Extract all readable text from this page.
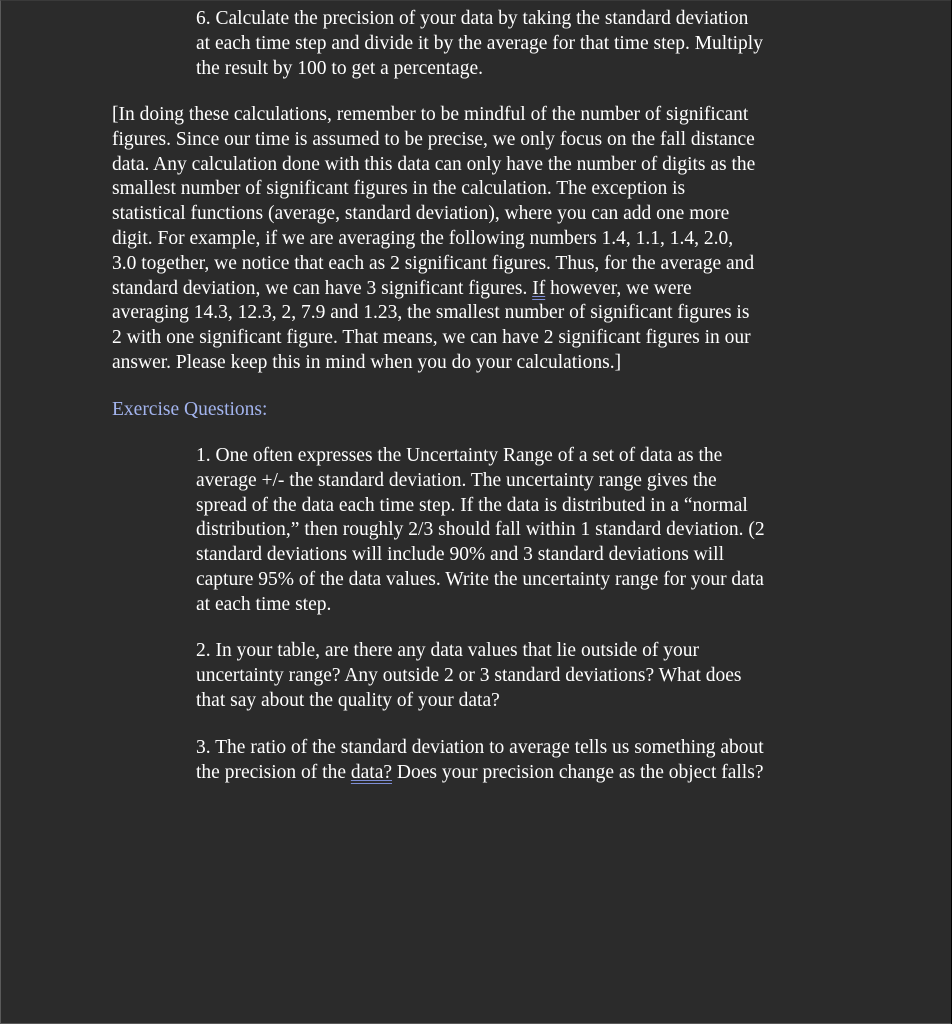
6. Calculate the precision of your data by taking the standard deviation
at each time step and divide it by the average for that time step. Multiply
the result by 100 to get a percentage.
[In doing these calculations, remember to be mindful of the number of significant
figures. Since our time is assumed to be precise, we only focus on the fall distance
data. Any calculation done with this data can only have the number of digits as the
smallest number of significant figures in the calculation. The exception is
statistical functions (average, standard deviation), where you can add one more
digit. For example, if we are averaging the following numbers 1.4, 1.1, 1.4, 2.0,
3.0 together, we notice that each as 2 significant figures. Thus, for the average and
standard deviation, we can have 3 significant figures. If however, we were
averaging 14.3, 12.3, 2, 7.9 and 1.23, the smallest number of significant figures is
2 with one significant figure. That means, we can have 2 significant figures in our
answer. Please keep this in mind when you do your calculations.]
Exercise Questions:
1. One often expresses the Uncertainty Range of a set of data as the
average +/- the standard deviation. The uncertainty range gives the
spread of the data each time step. If the data is distributed in a “normal
distribution,” then roughly 2/3 should fall within 1 standard deviation. (2
standard deviations will include 90% and 3 standard deviations will
capture 95% of the data values. Write the uncertainty range for your data
at each time step.
2. In your table, are there any data values that lie outside of your
uncertainty range? Any outside 2 or 3 standard deviations? What does
that say about the quality of your data?
3. The ratio of the standard deviation to average tells us something about
the precision of the data? Does your precision change as the object falls?
